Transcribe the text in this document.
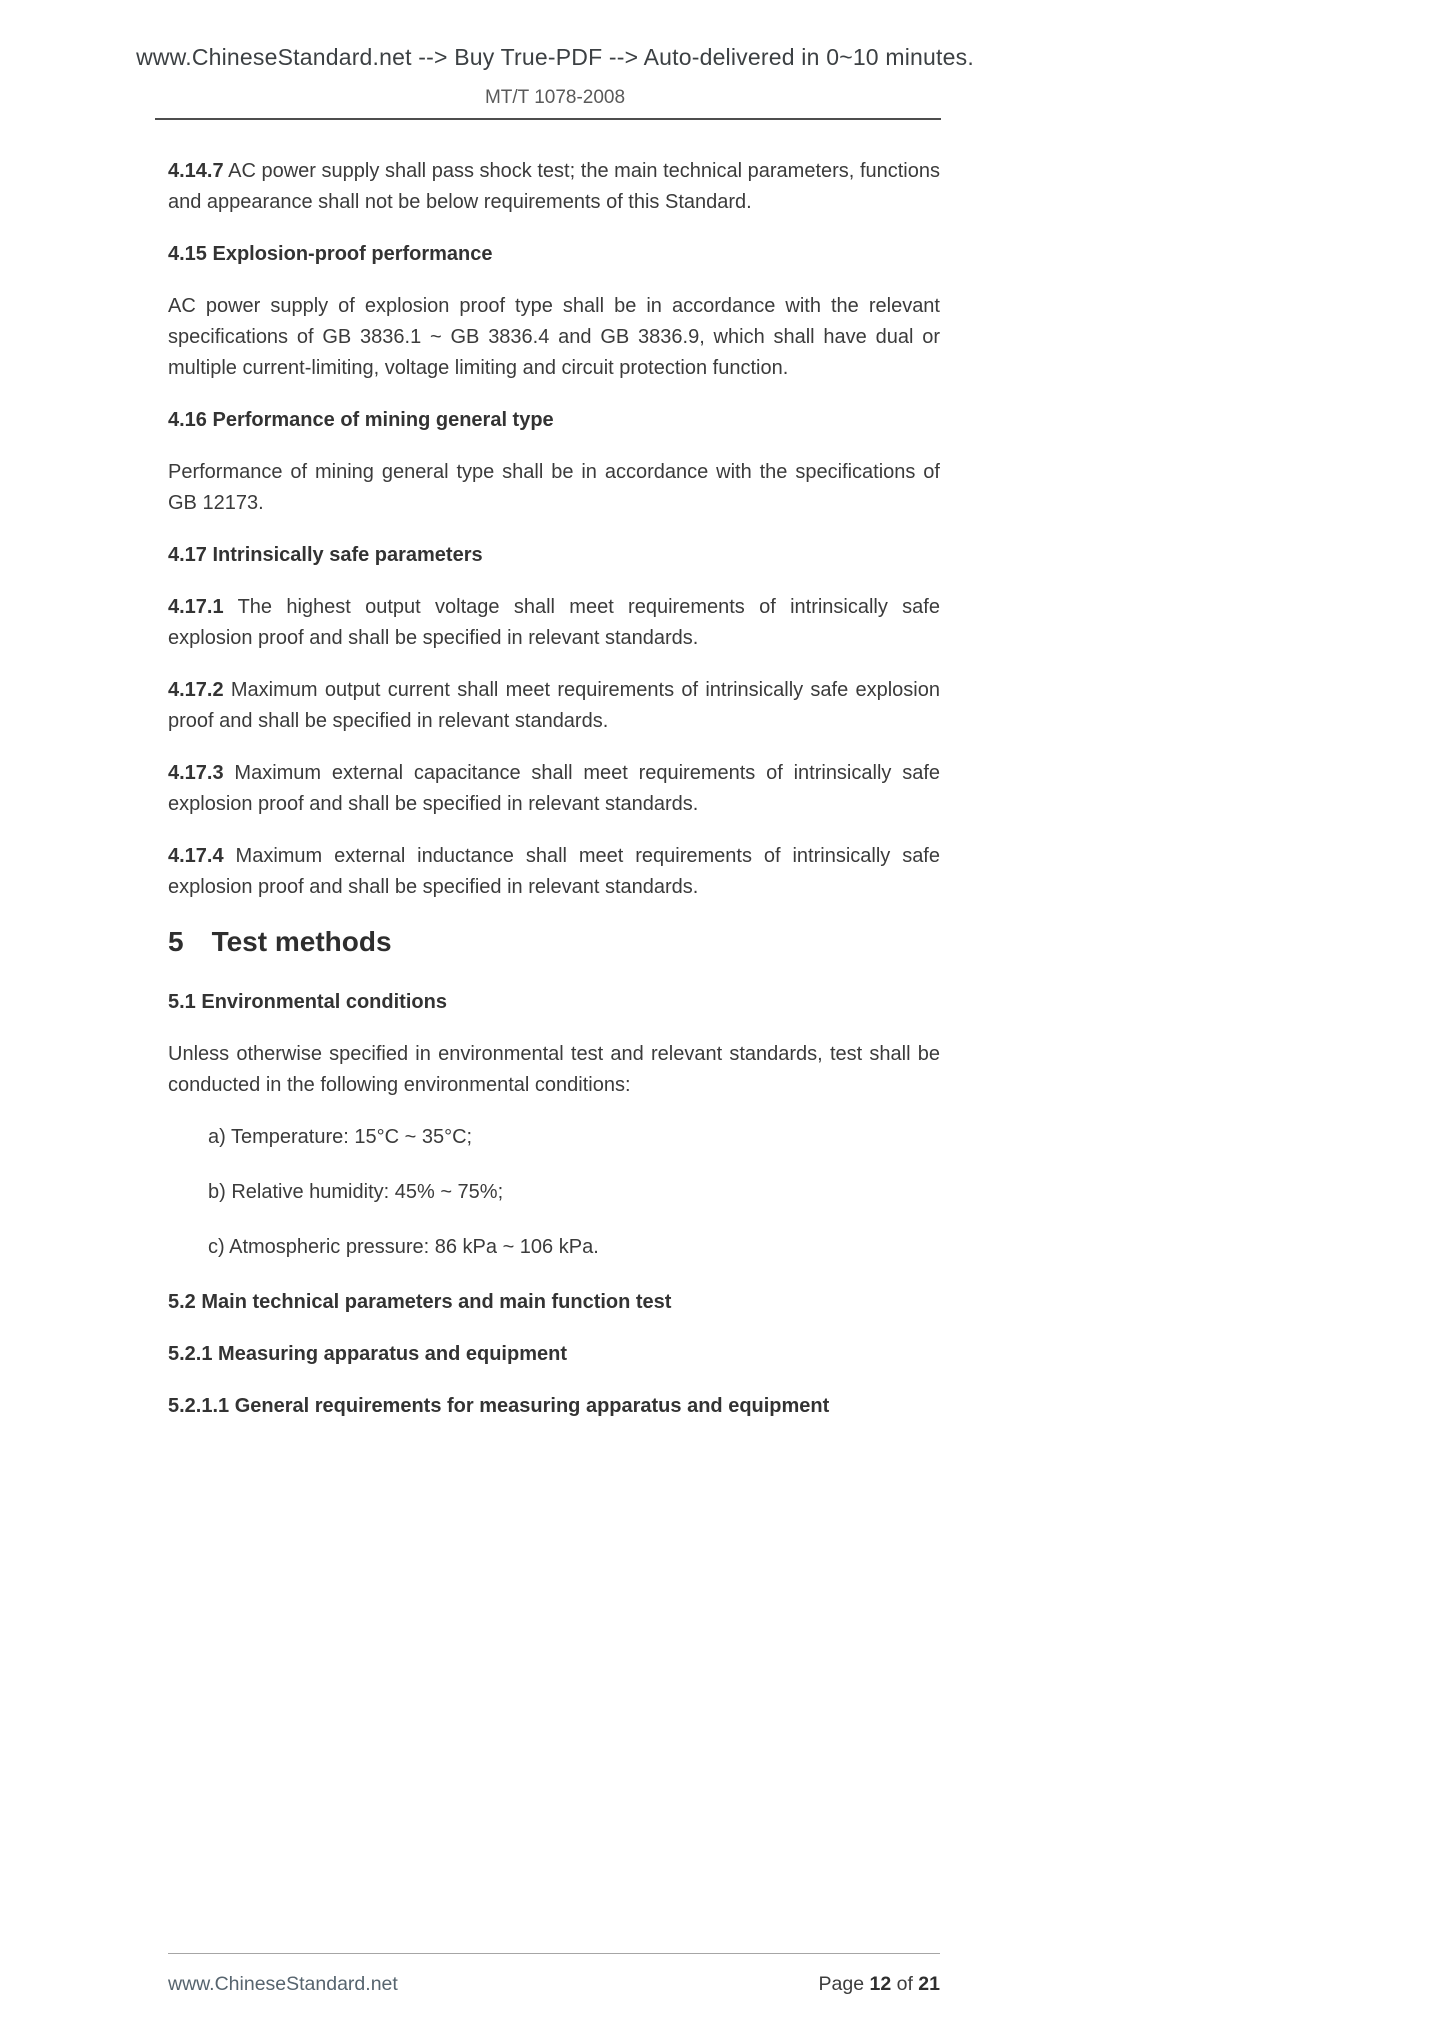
www.ChineseStandard.net --> Buy True-PDF --> Auto-delivered in 0~10 minutes.
MT/T 1078-2008

4.14.7 AC power supply shall pass shock test; the main technical parameters, functions and appearance shall not be below requirements of this Standard.

4.15 Explosion-proof performance

AC power supply of explosion proof type shall be in accordance with the relevant specifications of GB 3836.1 ~ GB 3836.4 and GB 3836.9, which shall have dual or multiple current-limiting, voltage limiting and circuit protection function.

4.16 Performance of mining general type

Performance of mining general type shall be in accordance with the specifications of GB 12173.

4.17 Intrinsically safe parameters

4.17.1 The highest output voltage shall meet requirements of intrinsically safe explosion proof and shall be specified in relevant standards.

4.17.2 Maximum output current shall meet requirements of intrinsically safe explosion proof and shall be specified in relevant standards.

4.17.3 Maximum external capacitance shall meet requirements of intrinsically safe explosion proof and shall be specified in relevant standards.

4.17.4 Maximum external inductance shall meet requirements of intrinsically safe explosion proof and shall be specified in relevant standards.

5 Test methods
5.1 Environmental conditions

Unless otherwise specified in environmental test and relevant standards, test shall be conducted in the following environmental conditions:

a) Temperature: 15°C ~ 35°C;

b) Relative humidity: 45% ~ 75%;

c) Atmospheric pressure: 86 kPa ~ 106 kPa.

5.2 Main technical parameters and main function test
5.2.1 Measuring apparatus and equipment
5.2.1.1 General requirements for measuring apparatus and equipment
www.ChineseStandard.net	Page 12 of 21
